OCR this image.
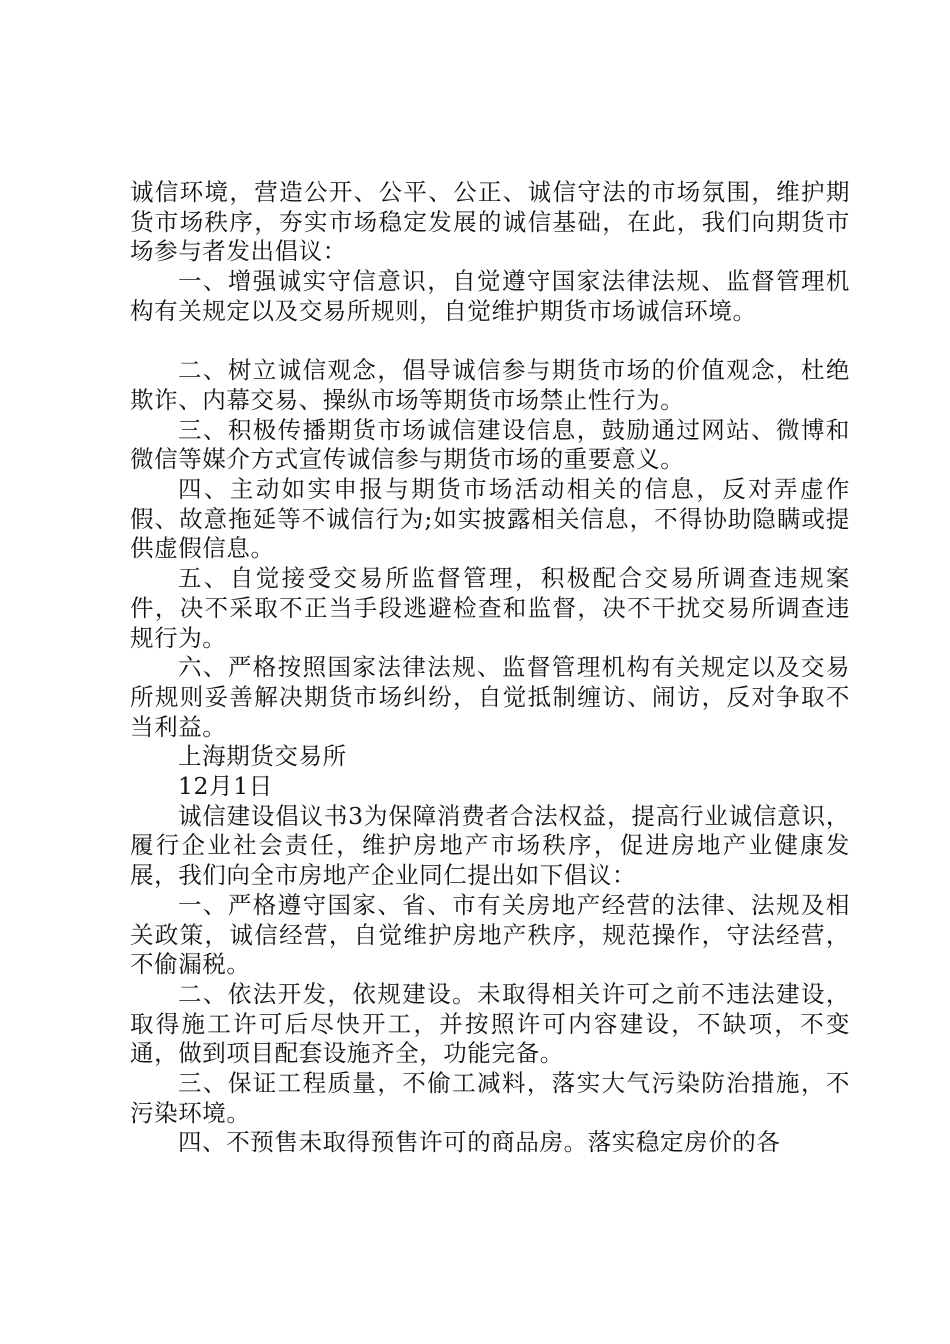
诚信环境，营造公开、公平、公正、诚信守法的市场氛围，维护期货市场秩序，夯实市场稳定发展的诚信基础，在此，我们向期货市场参与者发出倡议：

一、增强诚实守信意识，自觉遵守国家法律法规、监督管理机构有关规定以及交易所规则，自觉维护期货市场诚信环境。

二、树立诚信观念，倡导诚信参与期货市场的价值观念，杜绝欺诈、内幕交易、操纵市场等期货市场禁止性行为。

三、积极传播期货市场诚信建设信息，鼓励通过网站、微博和微信等媒介方式宣传诚信参与期货市场的重要意义。

四、主动如实申报与期货市场活动相关的信息，反对弄虚作假、故意拖延等不诚信行为;如实披露相关信息，不得协助隐瞒或提供虚假信息。

五、自觉接受交易所监督管理，积极配合交易所调查违规案件，决不采取不正当手段逃避检查和监督，决不干扰交易所调查违规行为。

六、严格按照国家法律法规、监督管理机构有关规定以及交易所规则妥善解决期货市场纠纷，自觉抵制缠访、闹访，反对争取不当利益。

上海期货交易所

12月1日

诚信建设倡议书3为保障消费者合法权益，提高行业诚信意识，履行企业社会责任，维护房地产市场秩序，促进房地产业健康发展，我们向全市房地产企业同仁提出如下倡议：

一、严格遵守国家、省、市有关房地产经营的法律、法规及相关政策，诚信经营，自觉维护房地产秩序，规范操作，守法经营，不偷漏税。

二、依法开发，依规建设。未取得相关许可之前不违法建设，取得施工许可后尽快开工，并按照许可内容建设，不缺项，不变通，做到项目配套设施齐全，功能完备。

三、保证工程质量，不偷工减料，落实大气污染防治措施，不污染环境。

四、不预售未取得预售许可的商品房。落实稳定房价的各
